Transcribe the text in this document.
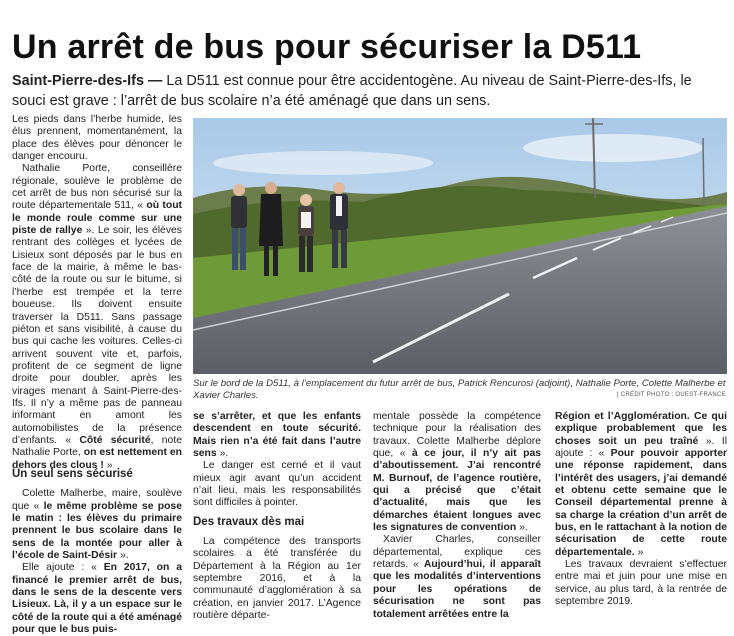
Un arrêt de bus pour sécuriser la D511
Saint-Pierre-des-Ifs — La D511 est connue pour être accidentogène. Au niveau de Saint-Pierre-des-Ifs, le souci est grave : l’arrêt de bus scolaire n’a été aménagé que dans un sens.

Les pieds dans l’herbe humide, les élus prennent, momentanément, la place des élèves pour dénoncer le danger encouru.

Nathalie Porte, conseillère régionale, soulève le problème de cet arrêt de bus non sécurisé sur la route départementale 511, « où tout le monde roule comme sur une piste de rallye ». Le soir, les élèves rentrant des collèges et lycées de Lisieux sont déposés par le bus en face de la mairie, à même le bas-côté de la route ou sur le bitume, si l’herbe est trempée et la terre boueuse. Ils doivent ensuite traverser la D511. Sans passage piéton et sans visibilité, à cause du bus qui cache les voitures. Celles-ci arrivent souvent vite et, parfois, profitent de ce segment de ligne droite pour doubler, après les virages menant à Saint-Pierre-des-Ifs. Il n’y a même pas de panneau informant en amont les automobilistes de la présence d’enfants. « Côté sécurité, note Nathalie Porte, on est nettement en dehors des clous ! »

Un seul sens sécurisé

Colette Malherbe, maire, soulève que « le même problème se pose le matin : les élèves du primaire prennent le bus scolaire dans le sens de la montée pour aller à l’école de Saint-Désir ».

Elle ajoute : « En 2017, on a financé le premier arrêt de bus, dans le sens de la descente vers Lisieux. Là, il y a un espace sur le côté de la route qui a été aménagé pour que le bus puis-

Sur le bord de la D511, à l’emplacement du futur arrêt de bus, Patrick Rencurosi (adjoint), Nathalie Porte, Colette Malherbe et Xavier Charles.	| CRÉDIT PHOTO : OUEST-FRANCE

se s’arrêter, et que les enfants descendent en toute sécurité. Mais rien n’a été fait dans l’autre sens ».

Le danger est cerné et il vaut mieux agir avant qu’un accident n’ait lieu, mais les responsabilités sont difficiles à pointer.

Des travaux dès mai

La compétence des transports scolaires a été transférée du Département à la Région au 1er septembre 2016, et à la communauté d’agglomération à sa création, en janvier 2017. L’Agence routière départe-

mentale possède la compétence technique pour la réalisation des travaux. Colette Malherbe déplore que, « à ce jour, il n’y ait pas d’aboutissement. J’ai rencontré M. Burnouf, de l’agence routière, qui a précisé que c’était d’actualité, mais que les démarches étaient longues avec les signatures de convention ».

Xavier Charles, conseiller départemental, explique ces retards. « Aujourd’hui, il apparaît que les modalités d’interventions pour les opérations de sécurisation ne sont pas totalement arrêtées entre la

Région et l’Agglomération. Ce qui explique probablement que les choses soit un peu traîné ». Il ajoute : « Pour pouvoir apporter une réponse rapidement, dans l’intérêt des usagers, j’ai demandé et obtenu cette semaine que le Conseil départemental prenne à sa charge la création d’un arrêt de bus, en le rattachant à la notion de sécurisation de cette route départementale. »

Les travaux devraient s’effectuer entre mai et juin pour une mise en service, au plus tard, à la rentrée de septembre 2019.
